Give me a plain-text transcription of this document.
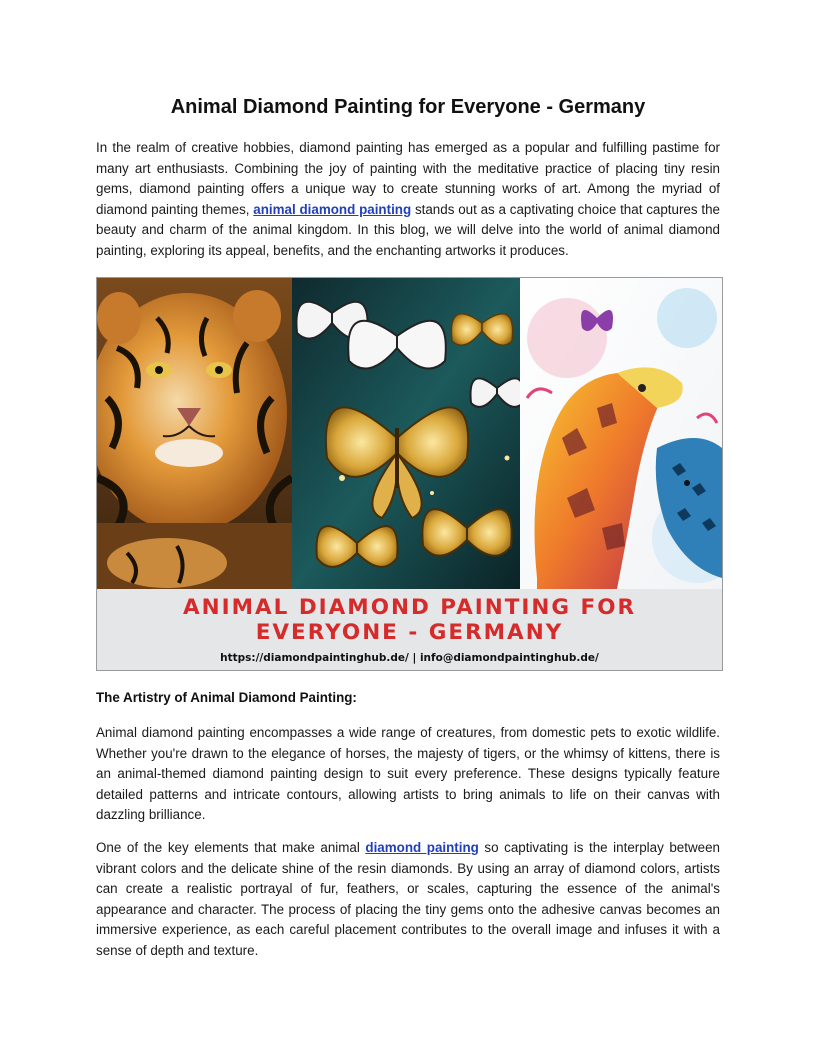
Animal Diamond Painting for Everyone - Germany

In the realm of creative hobbies, diamond painting has emerged as a popular and fulfilling pastime for many art enthusiasts. Combining the joy of painting with the meditative practice of placing tiny resin gems, diamond painting offers a unique way to create stunning works of art. Among the myriad of diamond painting themes, animal diamond painting stands out as a captivating choice that captures the beauty and charm of the animal kingdom. In this blog, we will delve into the world of animal diamond painting, exploring its appeal, benefits, and the enchanting artworks it produces.

ANIMAL DIAMOND PAINTING FOR
EVERYONE - GERMANY
https://diamondpaintinghub.de/ | info@diamondpaintinghub.de/
The Artistry of Animal Diamond Painting:

Animal diamond painting encompasses a wide range of creatures, from domestic pets to exotic wildlife. Whether you're drawn to the elegance of horses, the majesty of tigers, or the whimsy of kittens, there is an animal-themed diamond painting design to suit every preference. These designs typically feature detailed patterns and intricate contours, allowing artists to bring animals to life on their canvas with dazzling brilliance.

One of the key elements that make animal diamond painting so captivating is the interplay between vibrant colors and the delicate shine of the resin diamonds. By using an array of diamond colors, artists can create a realistic portrayal of fur, feathers, or scales, capturing the essence of the animal's appearance and character. The process of placing the tiny gems onto the adhesive canvas becomes an immersive experience, as each careful placement contributes to the overall image and infuses it with a sense of depth and texture.
